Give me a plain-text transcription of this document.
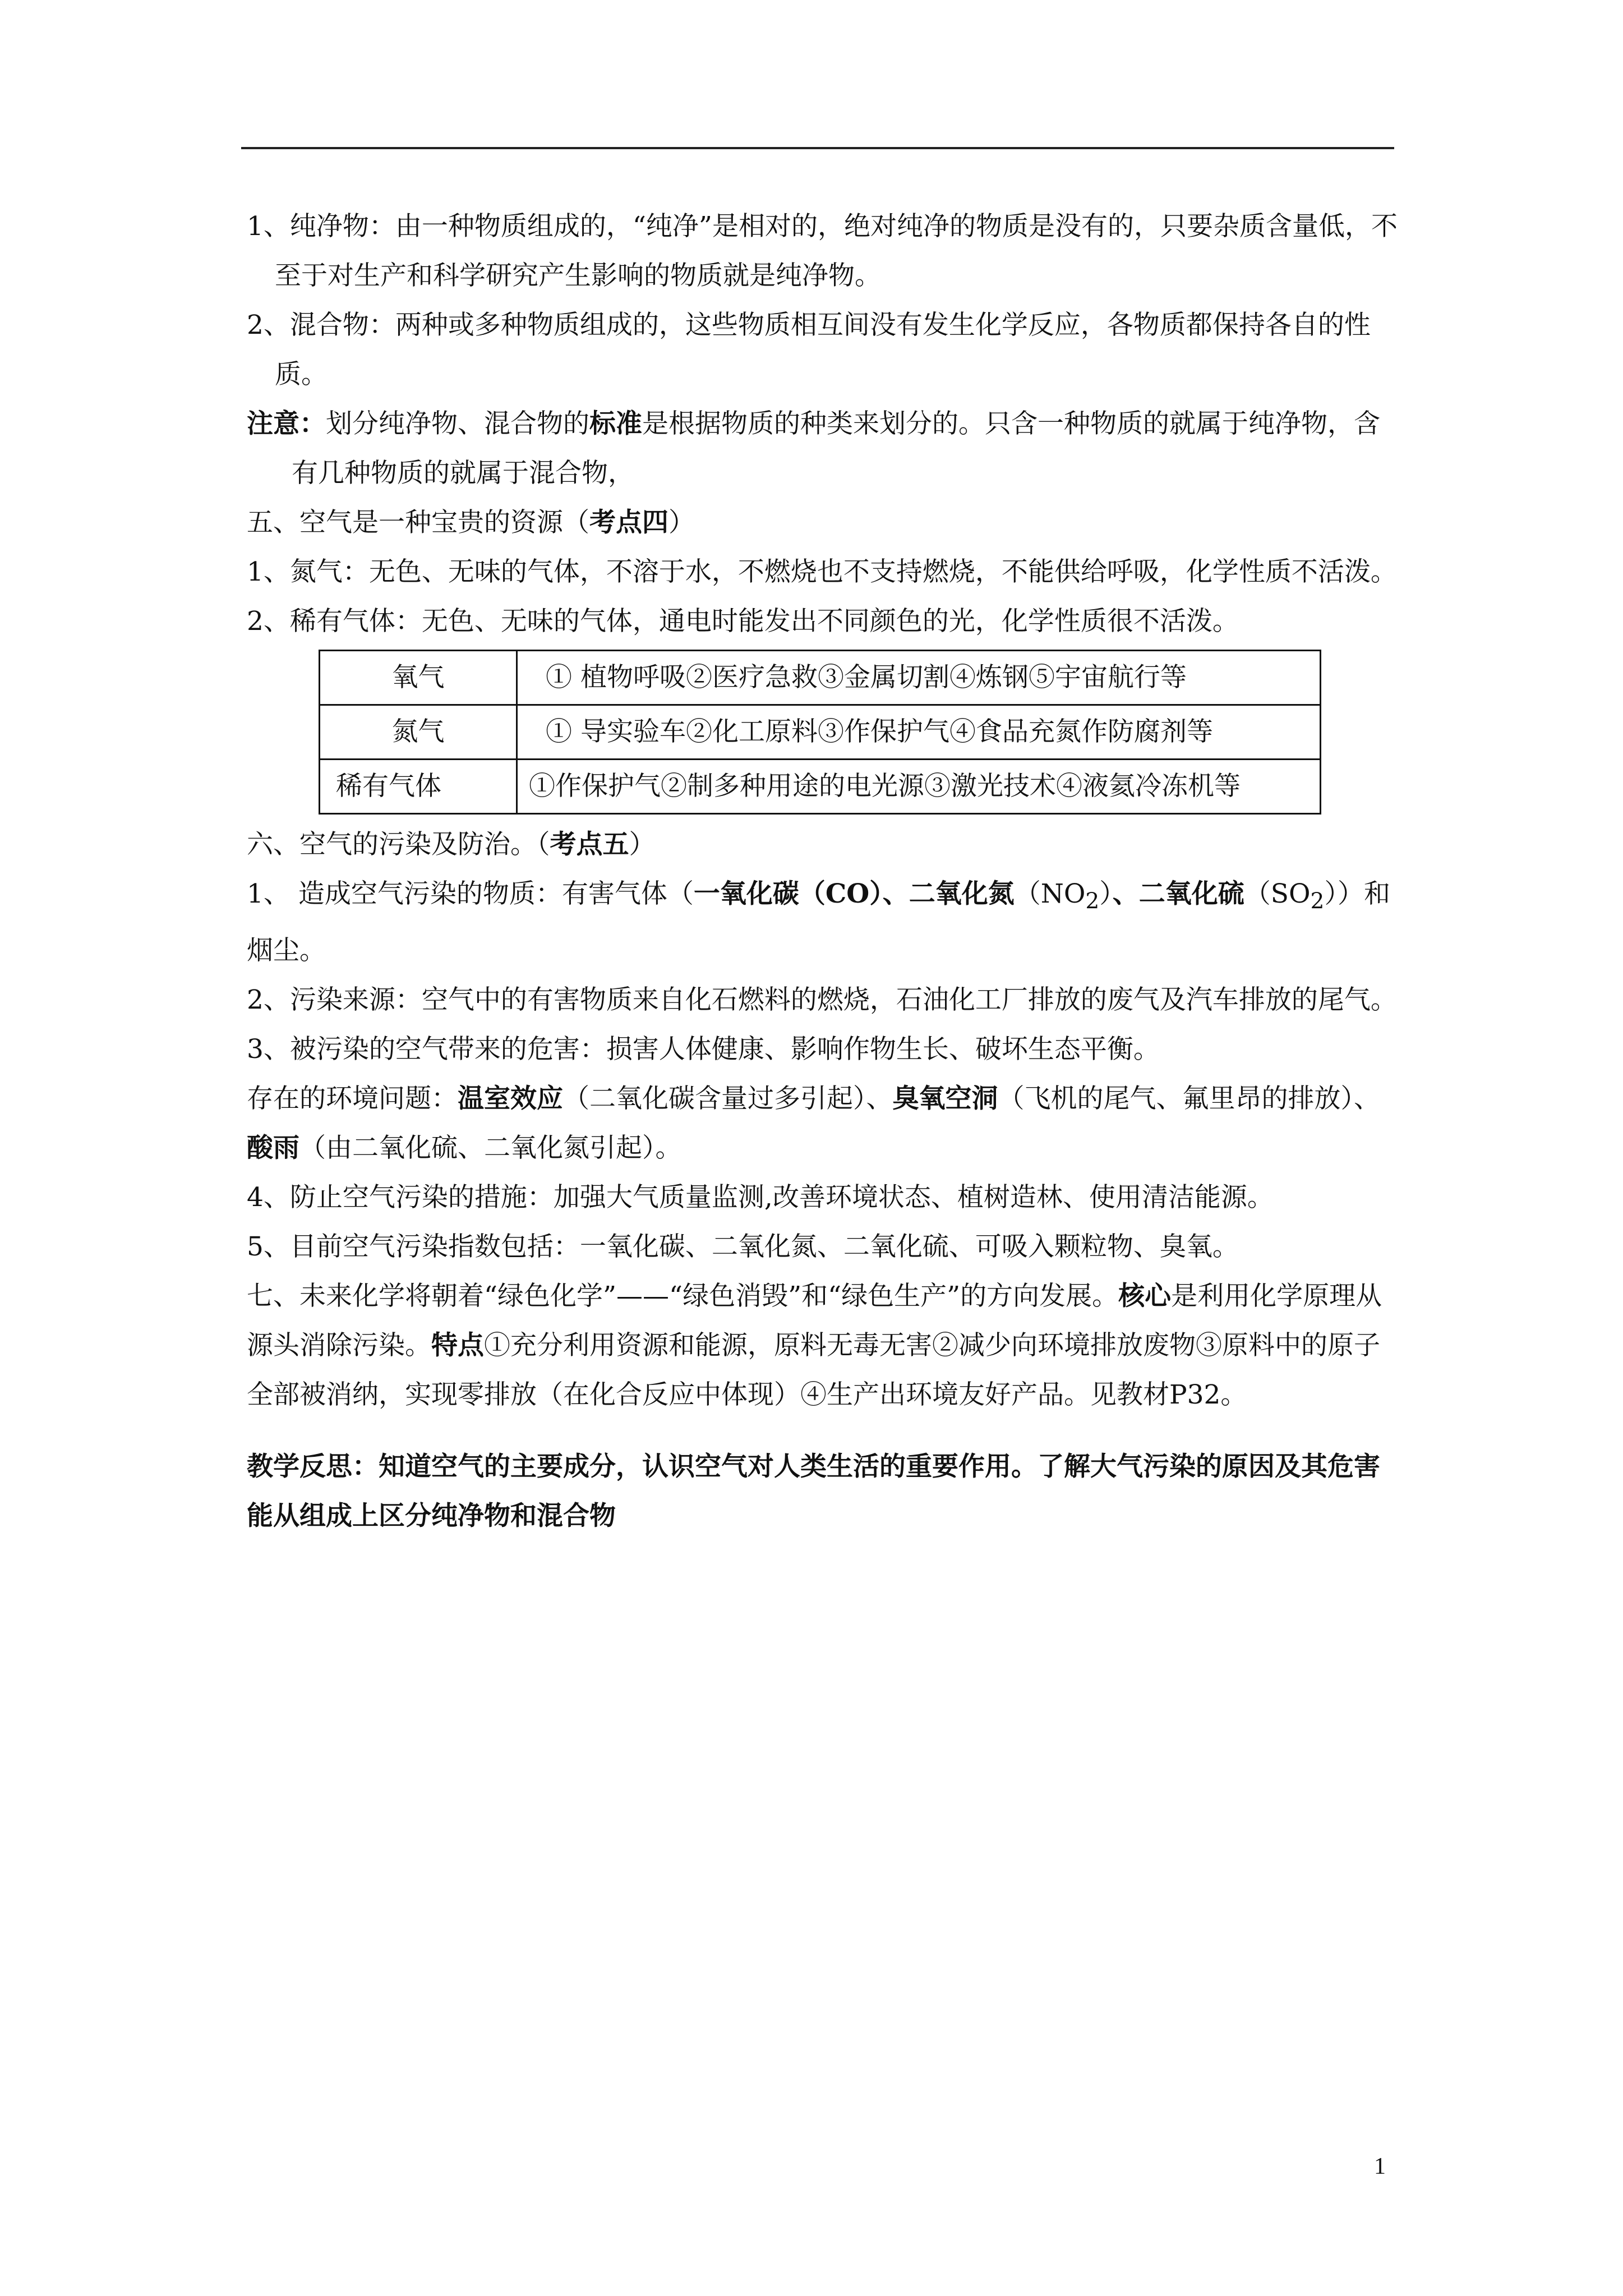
1、纯净物：由一种物质组成的，“纯净”是相对的，绝对纯净的物质是没有的，只要杂质含量低，不至于对生产和科学研究产生影响的物质就是纯净物。

2、混合物：两种或多种物质组成的，这些物质相互间没有发生化学反应，各物质都保持各自的性质。

注意：划分纯净物、混合物的标准是根据物质的种类来划分的。只含一种物质的就属于纯净物，含有几种物质的就属于混合物，

五、空气是一种宝贵的资源（考点四）

1、氮气：无色、无味的气体，不溶于水，不燃烧也不支持燃烧，不能供给呼吸，化学性质不活泼。

2、稀有气体：无色、无味的气体，通电时能发出不同颜色的光，化学性质很不活泼。

氧气	① 植物呼吸②医疗急救③金属切割④炼钢⑤宇宙航行等
氮气	① 导实验车②化工原料③作保护气④食品充氮作防腐剂等
稀有气体	①作保护气②制多种用途的电光源③激光技术④液氦冷冻机等

六、空气的污染及防治。（考点五）

1、 造成空气污染的物质：有害气体（一氧化碳（CO）、二氧化氮$(NO_2)$、二氧化硫$(SO_2)$）和烟尘。

2、污染来源：空气中的有害物质来自化石燃料的燃烧，石油化工厂排放的废气及汽车排放的尾气。

3、被污染的空气带来的危害：损害人体健康、影响作物生长、破坏生态平衡。

存在的环境问题：温室效应（二氧化碳含量过多引起）、臭氧空洞（飞机的尾气、氟里昂的排放）、酸雨（由二氧化硫、二氧化氮引起）。

4、防止空气污染的措施：加强大气质量监测,改善环境状态、植树造林、使用清洁能源。

5、目前空气污染指数包括：一氧化碳、二氧化氮、二氧化硫、可吸入颗粒物、臭氧。

七、未来化学将朝着“绿色化学”——“绿色消毁”和“绿色生产”的方向发展。核心是利用化学原理从源头消除污染。特点①充分利用资源和能源，原料无毒无害②减少向环境排放废物③原料中的原子全部被消纳，实现零排放（在化合反应中体现）④生产出环境友好产品。见教材P32。

教学反思：知道空气的主要成分，认识空气对人类生活的重要作用。了解大气污染的原因及其危害　　能从组成上区分纯净物和混合物

1
